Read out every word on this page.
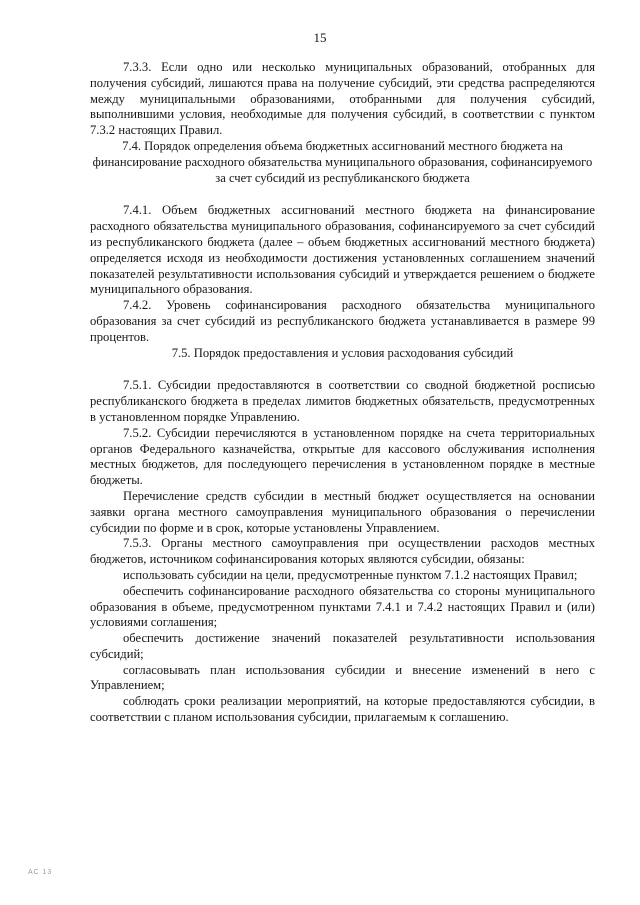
15

7.3.3. Если одно или несколько муниципальных образований, отобранных для получения субсидий, лишаются права на получение субсидий, эти средства распределяются между муниципальными образованиями, отобранными для получения субсидий, выполнившими условия, необходимые для получения субсидий, в соответствии с пунктом 7.3.2 настоящих Правил.

7.4. Порядок определения объема бюджетных ассигнований местного бюджета на финансирование расходного обязательства муниципального образования, софинансируемого за счет субсидий из республиканского бюджета

7.4.1. Объем бюджетных ассигнований местного бюджета на финансирование расходного обязательства муниципального образования, софинансируемого за счет субсидий из республиканского бюджета (далее – объем бюджетных ассигнований местного бюджета) определяется исходя из необходимости достижения установленных соглашением значений показателей результативности использования субсидий и утверждается решением о бюджете муниципального образования.

7.4.2. Уровень софинансирования расходного обязательства муниципального образования за счет субсидий из республиканского бюджета устанавливается в размере 99 процентов.

7.5. Порядок предоставления и условия расходования субсидий

7.5.1. Субсидии предоставляются в соответствии со сводной бюджетной росписью республиканского бюджета в пределах лимитов бюджетных обязательств, предусмотренных в установленном порядке Управлению.

7.5.2. Субсидии перечисляются в установленном порядке на счета территориальных органов Федерального казначейства, открытые для кассового обслуживания исполнения местных бюджетов, для последующего перечисления в установленном порядке в местные бюджеты.

Перечисление средств субсидии в местный бюджет осуществляется на основании заявки органа местного самоуправления муниципального образования о перечислении субсидии по форме и в срок, которые установлены Управлением.

7.5.3. Органы местного самоуправления при осуществлении расходов местных бюджетов, источником софинансирования которых являются субсидии, обязаны:

использовать субсидии на цели, предусмотренные пунктом 7.1.2 настоящих Правил;

обеспечить софинансирование расходного обязательства со стороны муниципального образования в объеме, предусмотренном пунктами 7.4.1 и 7.4.2 настоящих Правил и (или) условиями соглашения;

обеспечить достижение значений показателей результативности использования субсидий;

согласовывать план использования субсидии и внесение изменений в него с Управлением;

соблюдать сроки реализации мероприятий, на которые предоставляются субсидии, в соответствии с планом использования субсидии, прилагаемым к соглашению.

АС 13
